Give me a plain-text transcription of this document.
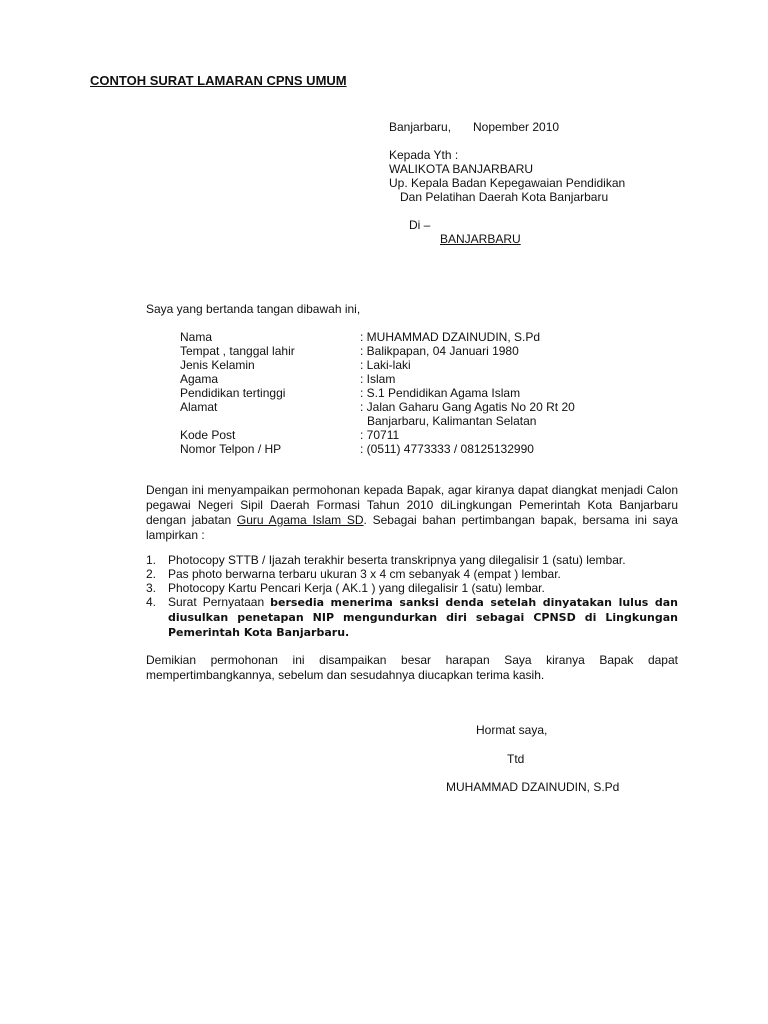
CONTOH SURAT LAMARAN CPNS UMUM
Banjarbaru, Nopember 2010
Kepada Yth :
WALIKOTA BANJARBARU
Up. Kepala Badan Kepegawaian Pendidikan
Dan Pelatihan Daerah Kota Banjarbaru
Di –
BANJARBARU
Saya yang bertanda tangan dibawah ini,
Nama	: MUHAMMAD DZAINUDIN, S.Pd
Tempat , tanggal lahir	: Balikpapan, 04 Januari 1980
Jenis Kelamin	: Laki-laki
Agama	: Islam
Pendidikan tertinggi	: S.1 Pendidikan Agama Islam
Alamat	: Jalan Gaharu Gang Agatis No 20 Rt 20
Banjarbaru, Kalimantan Selatan
Kode Post	: 70711
Nomor Telpon / HP	: (0511) 4773333 / 08125132990
Dengan ini menyampaikan permohonan kepada Bapak, agar kiranya dapat diangkat menjadi Calon pegawai Negeri Sipil Daerah Formasi Tahun 2010 diLingkungan Pemerintah Kota Banjarbaru dengan jabatan Guru Agama Islam SD. Sebagai bahan pertimbangan bapak, bersama ini saya lampirkan :
1. Photocopy STTB / Ijazah terakhir beserta transkripnya yang dilegalisir 1 (satu) lembar.
2. Pas photo berwarna terbaru ukuran 3 x 4 cm sebanyak 4 (empat ) lembar.
3. Photocopy Kartu Pencari Kerja ( AK.1 ) yang dilegalisir 1 (satu) lembar.
4. Surat Pernyataan bersedia menerima sanksi denda setelah dinyatakan lulus dan diusulkan penetapan NIP mengundurkan diri sebagai CPNSD di Lingkungan Pemerintah Kota Banjarbaru.
Demikian permohonan ini disampaikan besar harapan Saya kiranya Bapak dapat mempertimbangkannya, sebelum dan sesudahnya diucapkan terima kasih.
Hormat saya,
Ttd
MUHAMMAD DZAINUDIN, S.Pd
